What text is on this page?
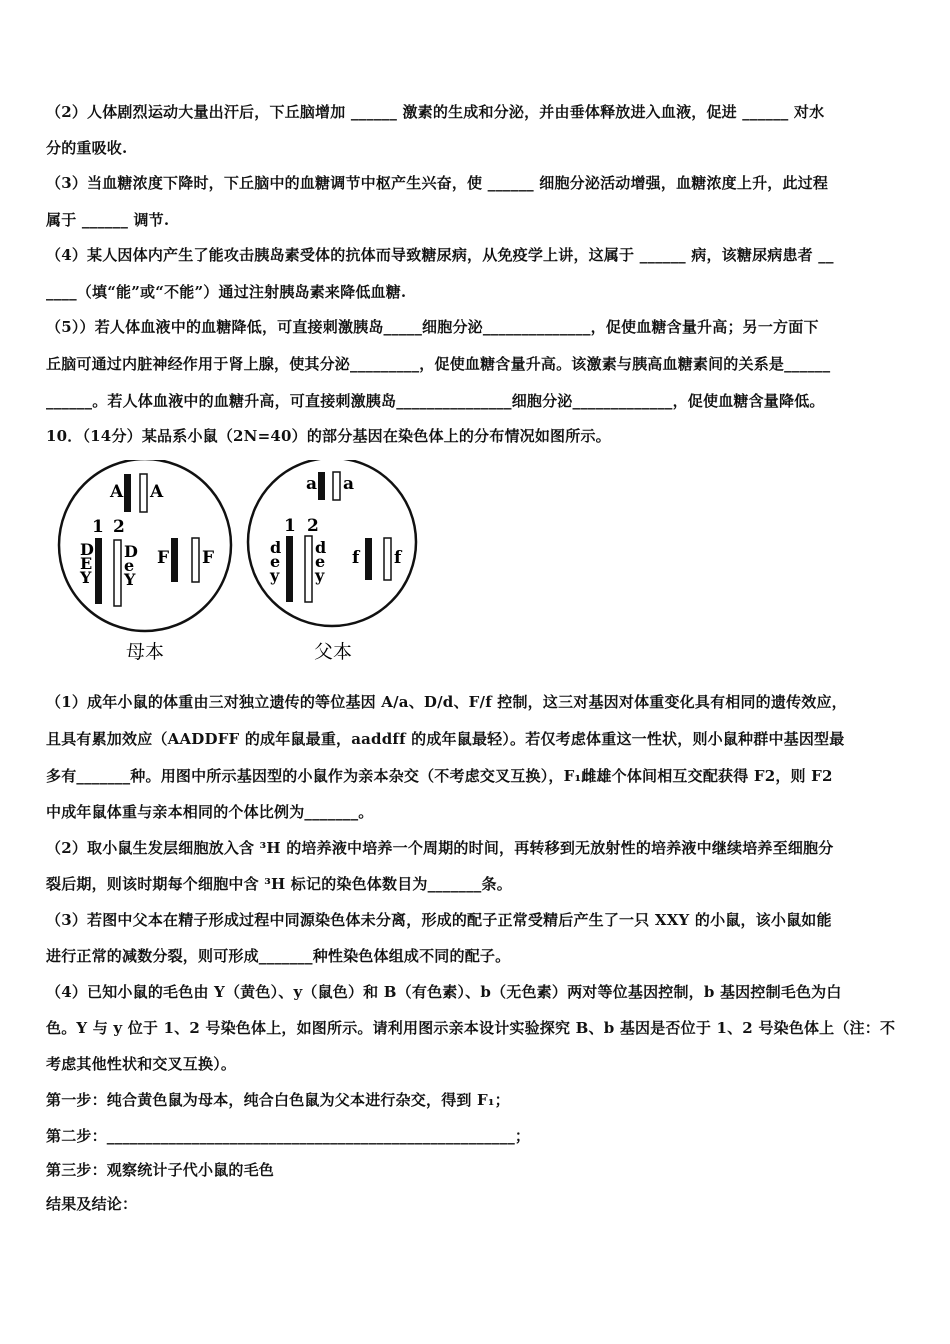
（2）人体剧烈运动大量出汗后，下丘脑增加 ______ 激素的生成和分泌，并由垂体释放进入血液，促进 ______ 对水
分的重吸收.
（3）当血糖浓度下降时，下丘脑中的血糖调节中枢产生兴奋，使 ______ 细胞分泌活动增强，血糖浓度上升，此过程
属于 ______ 调节.
（4）某人因体内产生了能攻击胰岛素受体的抗体而导致糖尿病，从免疫学上讲，这属于 ______ 病，该糖尿病患者 __
____（填“能”或“不能”）通过注射胰岛素来降低血糖.
（5））若人体血液中的血糖降低，可直接刺激胰岛_____细胞分泌______________，促使血糖含量升高；另一方面下
丘脑可通过内脏神经作用于肾上腺，使其分泌_________，促使血糖含量升高。该激素与胰高血糖素间的关系是______
______。若人体血液中的血糖升高，可直接刺激胰岛_______________细胞分泌_____________，促使血糖含量降低。
10．（14分）某品系小鼠（2N=40）的部分基因在染色体上的分布情况如图所示。
A A
1 2
D
E
Y
D
e
Y
F F
母本
a a
1 2
d
e
y
d
e
y
f f
父本
（1）成年小鼠的体重由三对独立遗传的等位基因 A/a、D/d、F/f 控制，这三对基因对体重变化具有相同的遗传效应，
且具有累加效应（AADDFF 的成年鼠最重，aaddff 的成年鼠最轻）。若仅考虑体重这一性状，则小鼠种群中基因型最
多有_______种。用图中所示基因型的小鼠作为亲本杂交（不考虑交叉互换），F₁雌雄个体间相互交配获得 F2，则 F2
中成年鼠体重与亲本相同的个体比例为_______。
（2）取小鼠生发层细胞放入含 ³H 的培养液中培养一个周期的时间，再转移到无放射性的培养液中继续培养至细胞分
裂后期，则该时期每个细胞中含 ³H 标记的染色体数目为_______条。
（3）若图中父本在精子形成过程中同源染色体未分离，形成的配子正常受精后产生了一只 XXY 的小鼠，该小鼠如能
进行正常的减数分裂，则可形成_______种性染色体组成不同的配子。
（4）已知小鼠的毛色由 Y（黄色）、y（鼠色）和 B（有色素）、b（无色素）两对等位基因控制，b 基因控制毛色为白
色。Y 与 y 位于 1、2 号染色体上，如图所示。请利用图示亲本设计实验探究 B、b 基因是否位于 1、2 号染色体上（注：不
考虑其他性状和交叉互换）。
第一步：纯合黄色鼠为母本，纯合白色鼠为父本进行杂交，得到 F₁；
第二步：_____________________________________________________；
第三步：观察统计子代小鼠的毛色
结果及结论：
